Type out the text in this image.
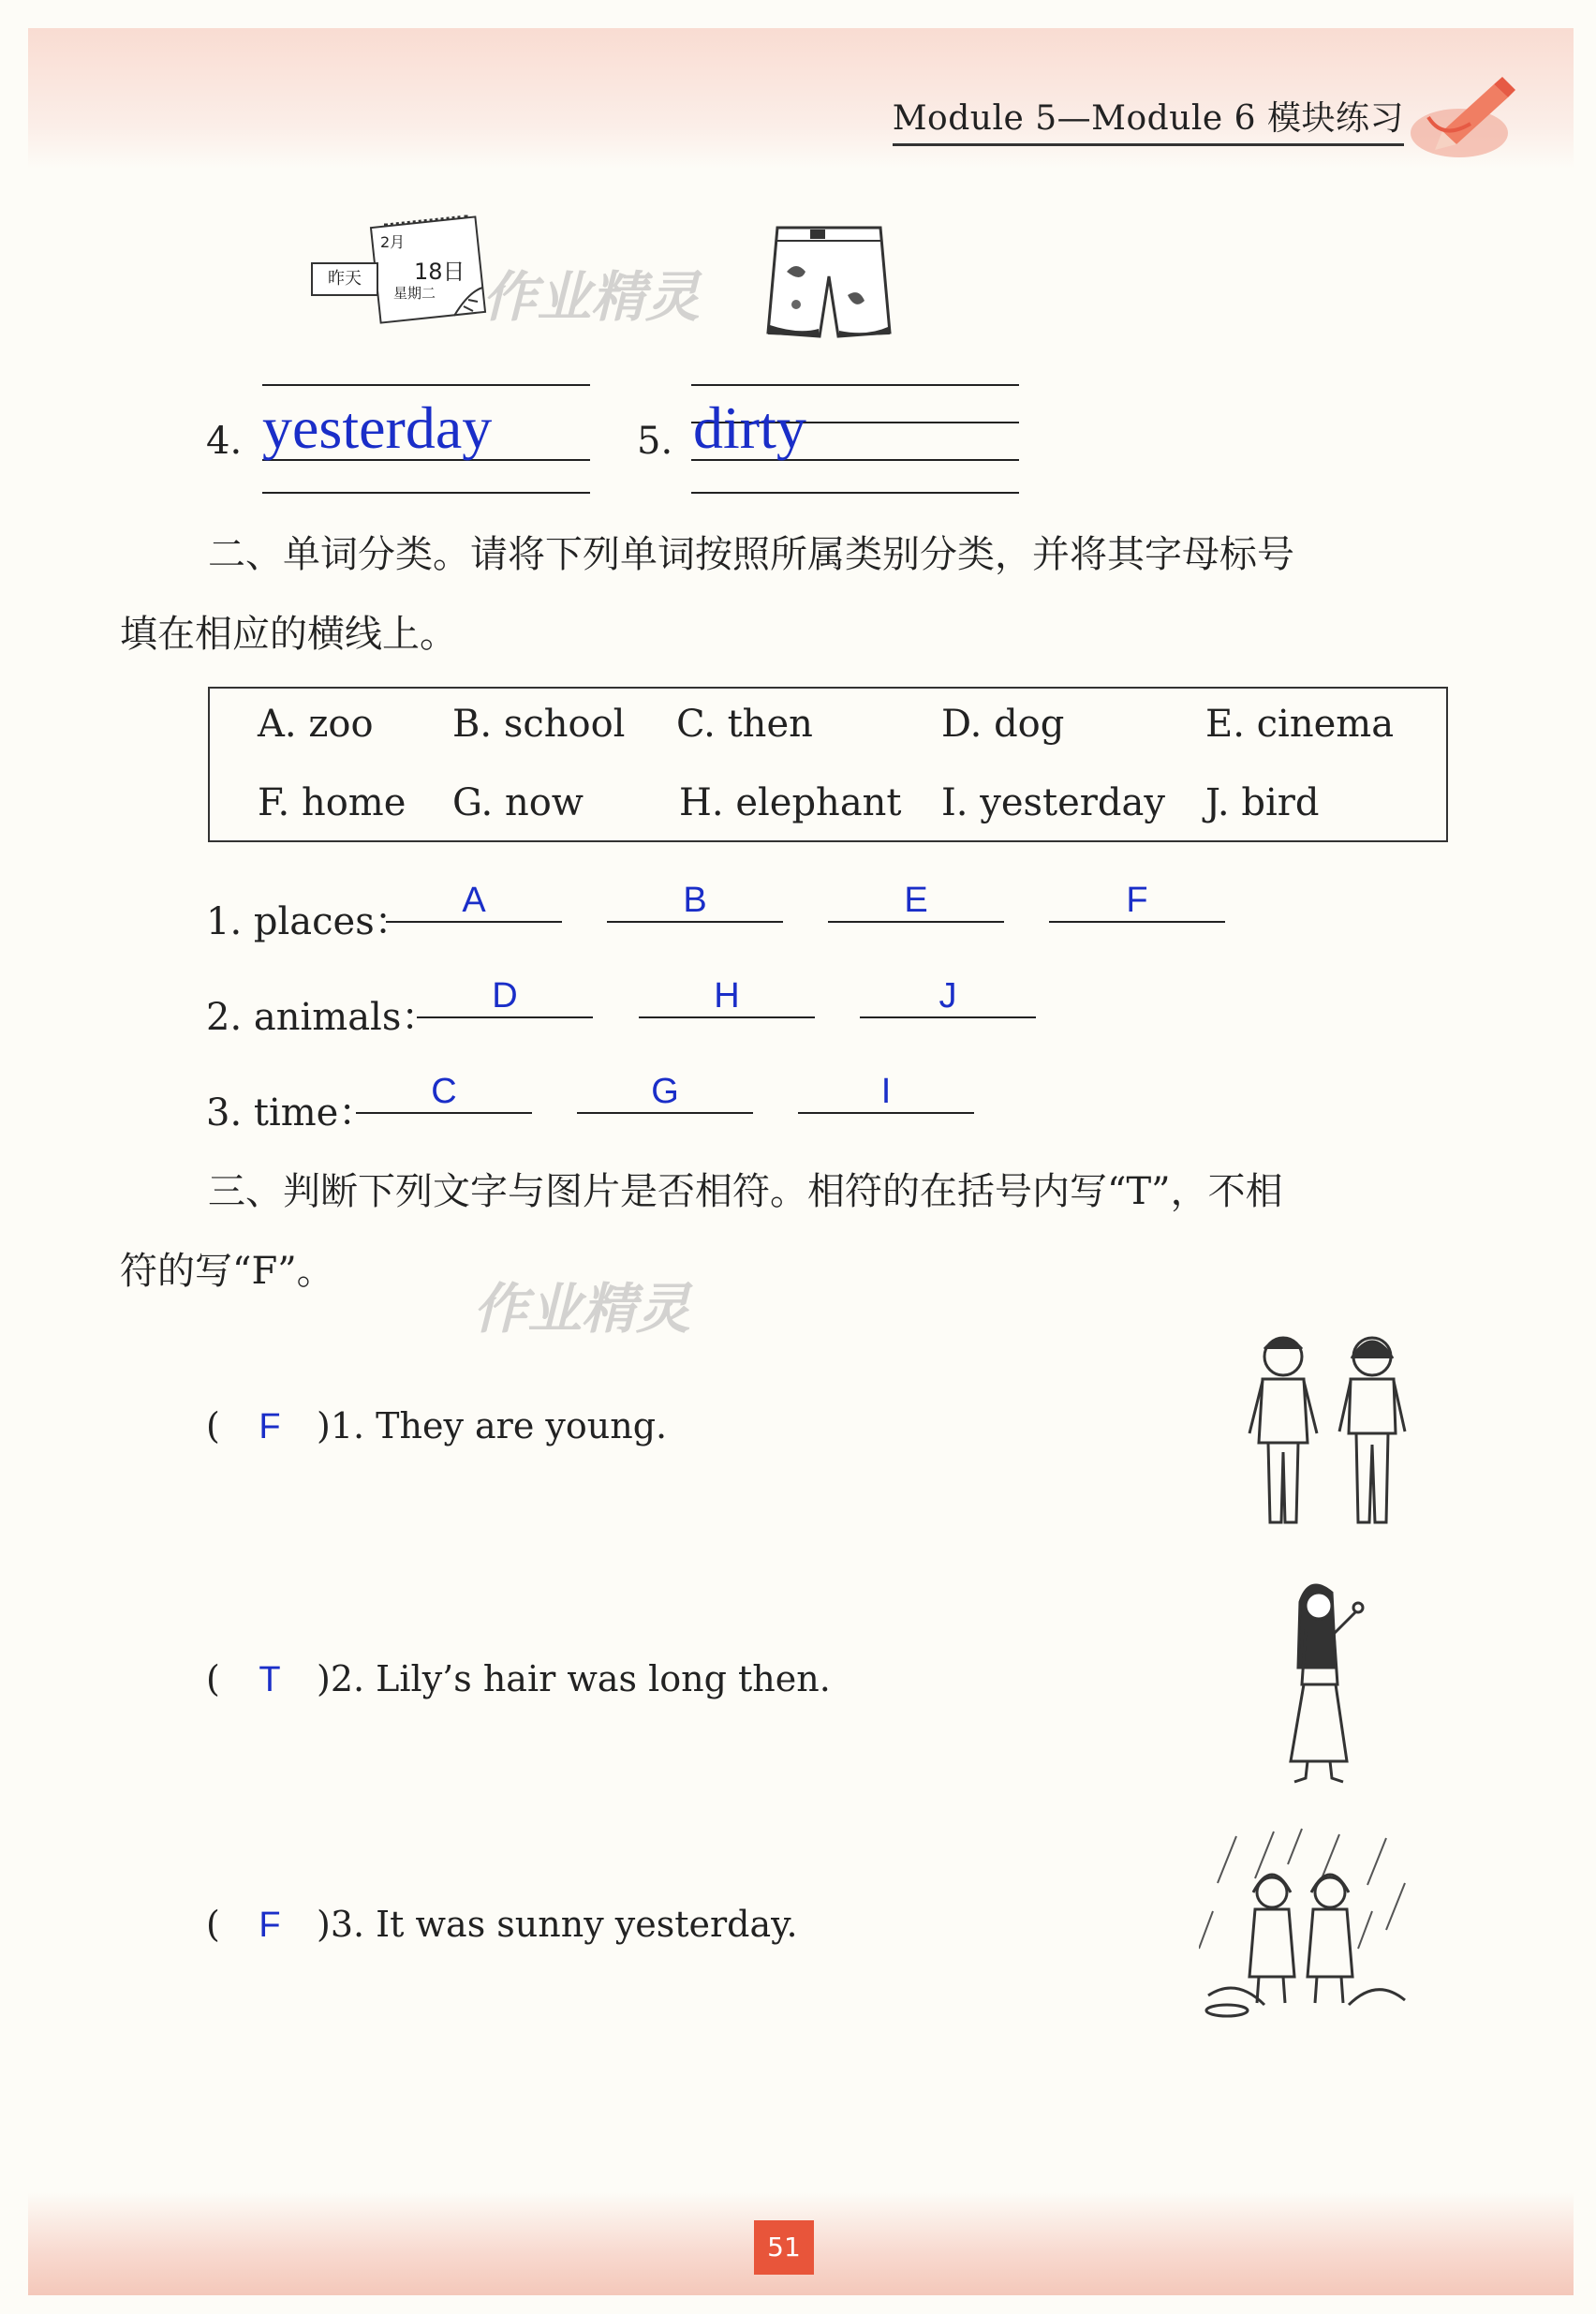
Module 5—Module 6 模块练习
2月
18日
星期二
昨天	作业精灵
作业精灵
4. yesterday	5. dirty
二、单词分类。请将下列单词按照所属类别分类，并将其字母标号
填在相应的横线上。
A. zoo B. school C. then	D. dog	E. cinema
F. home G. now	H. elephant I. yesterday J. bird
1. places：	A	B	E	F
2. animals：	D	H	J
3. time：	C	G	I
三、判断下列文字与图片是否相符。相符的在括号内写“T”，不相
符的写“F”。
( F )1. They are young.
( T )2. Lily’s hair was long then.
( F )3. It was sunny yesterday.
51
